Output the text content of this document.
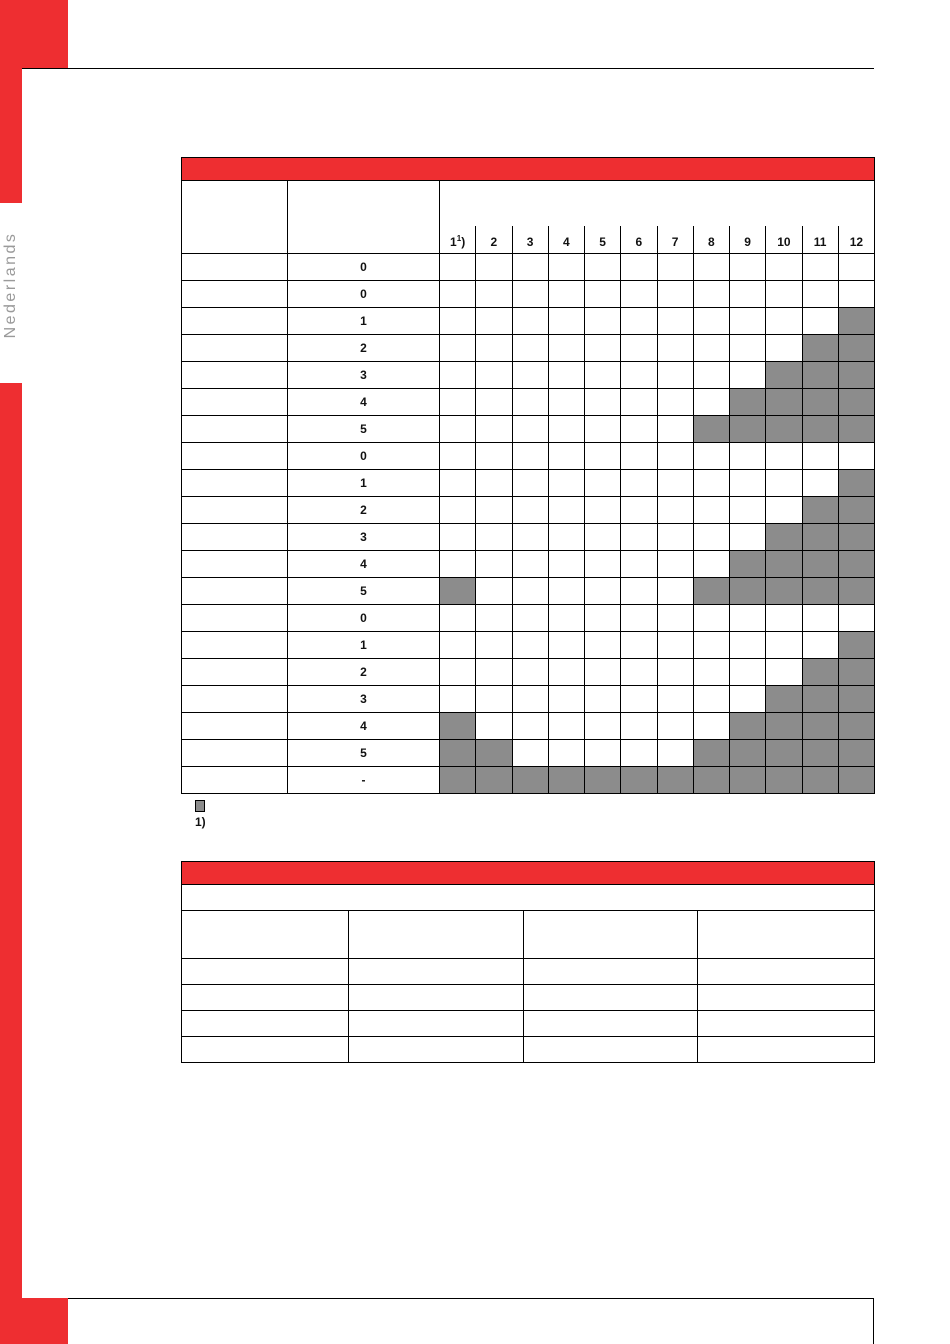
Nederlands

		$1^1$)	2	3	4	5	6	7	8	9	10	11	12
	0												
	0												
	1												
	2												
	3												
	4												
	5												
	0												
	1												
	2												
	3												
	4												
	5												
	0												
	1												
	2												
	3												
	4												
	5												
	-												

1)
